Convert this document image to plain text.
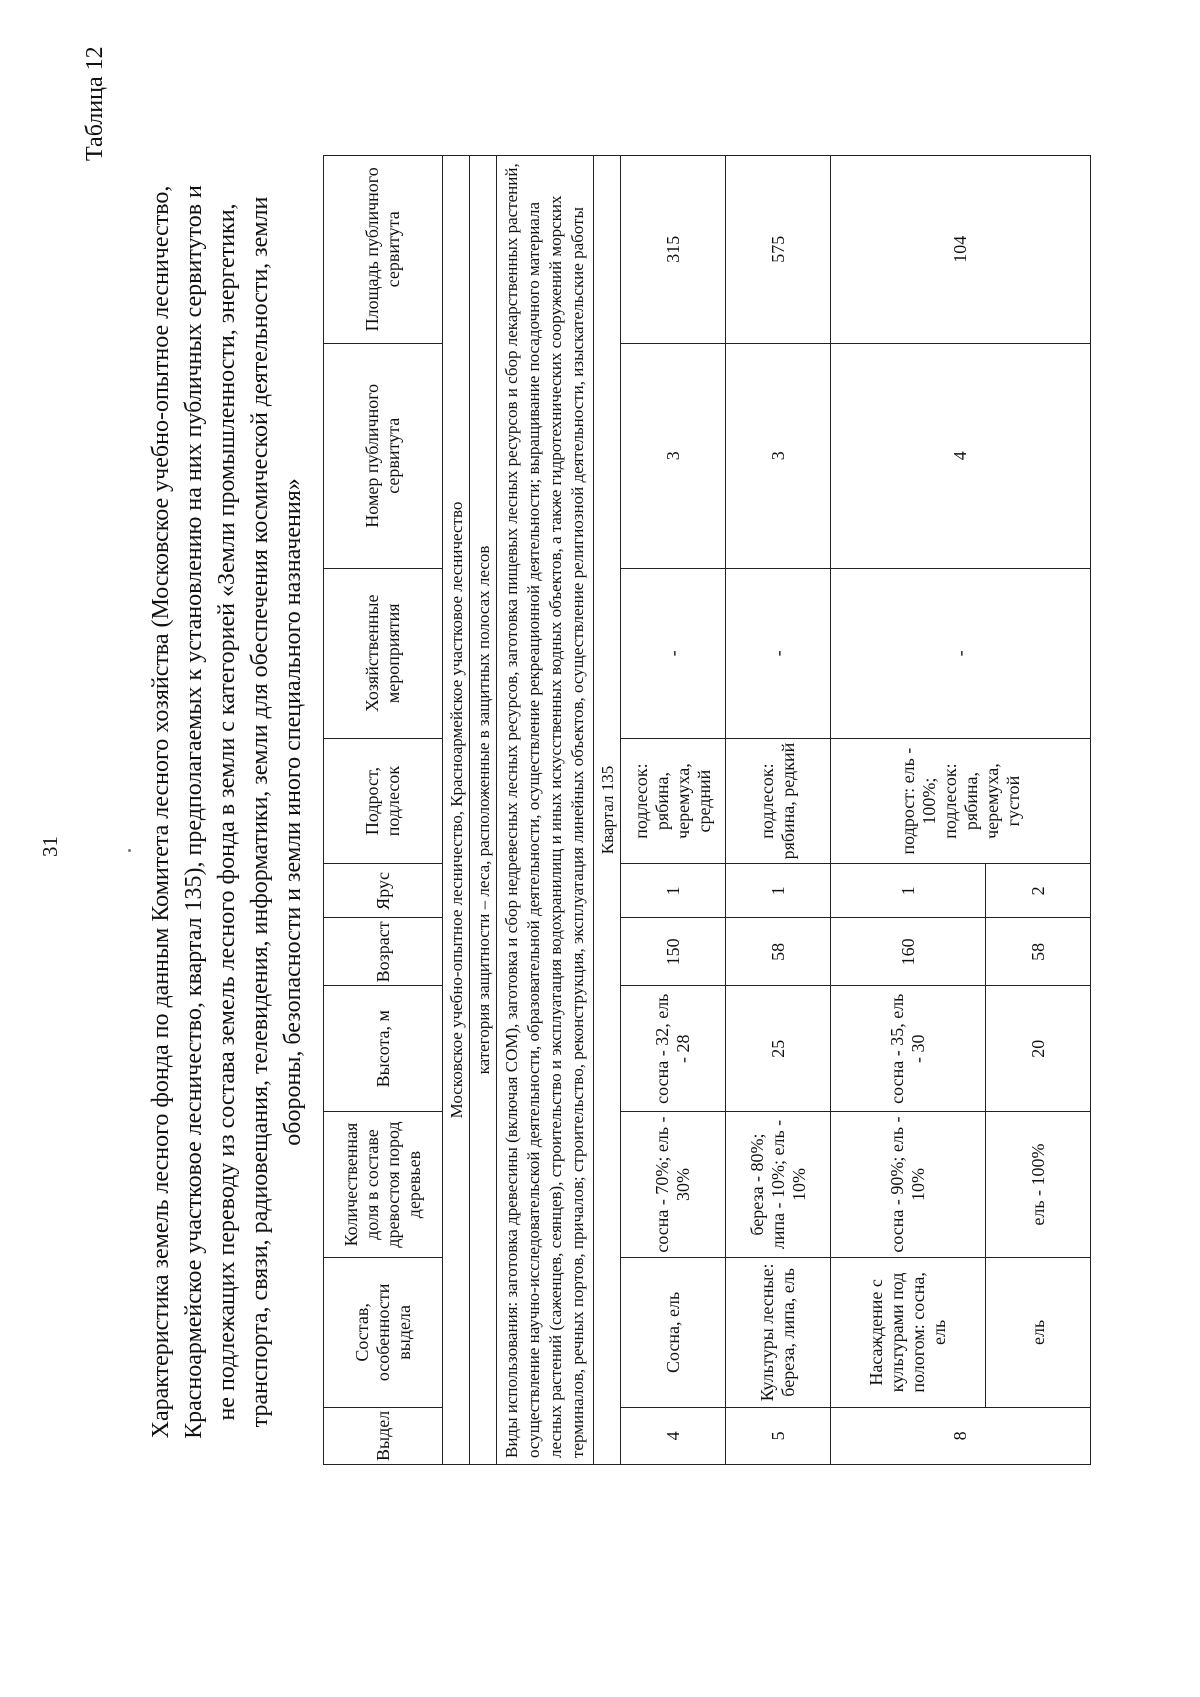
31
Таблица 12
Характеристика земель лесного фонда по данным Комитета лесного хозяйства (Московское учебно-опытное лесничество, Красноармейское участковое лесничество, квартал 135), предполагаемых к установлению на них публичных сервитутов и не подлежащих переводу из состава земель лесного фонда в земли с категорией «Земли промышленности, энергетики, транспорта, связи, радиовещания, телевидения, информатики, земли для обеспечения космической деятельности, земли обороны, безопасности и земли иного специального назначения»
Выдел	Состав, особенности выдела	Количественная доля в составе древостоя пород деревьев	Высота, м	Возраст	Ярус	Подрост, подлесок	Хозяйственные мероприятия	Номер публичного сервитута	Площадь публичного сервитута
Московское учебно-опытное лесничество, Красноармейское участковое лесничество									
категория защитности – леса, расположенные в защитных полосах лесов									
Виды использования: заготовка древесины (включая СОМ), заготовка и сбор недревесных лесных ресурсов, заготовка пищевых лесных ресурсов и сбор лекарственных растений, осуществление научно-исследовательской деятельности, образовательной деятельности, осуществление рекреационной деятельности; выращивание посадочного материала лесных растений (саженцев, сеянцев), строительство и эксплуатация водохранилищ и иных искусственных водных объектов, а также гидротехнических сооружений морских терминалов, речных портов, причалов; строительство, реконструкция, эксплуатация линейных объектов, осуществление религиозной деятельности, изыскательские работы									
Квартал 135									
4	Сосна, ель	сосна - 70%; ель - 30%	сосна - 32, ель - 28	150	1	подлесок: рябина, черемуха, средний	-	3	315
5	Культуры лесные: береза, липа, ель	береза - 80%; липа - 10%; ель - 10%	25	58	1	подлесок: рябина, редкий	-	3	575
8	Насаждение с культурами под пологом: сосна, ель	сосна - 90%; ель - 10%	сосна - 35, ель - 30	160	1	подрост: ель - 100%; подлесок: рябина, черемуха, густой	-	4	104
	ель	ель - 100%	20	58	2				
